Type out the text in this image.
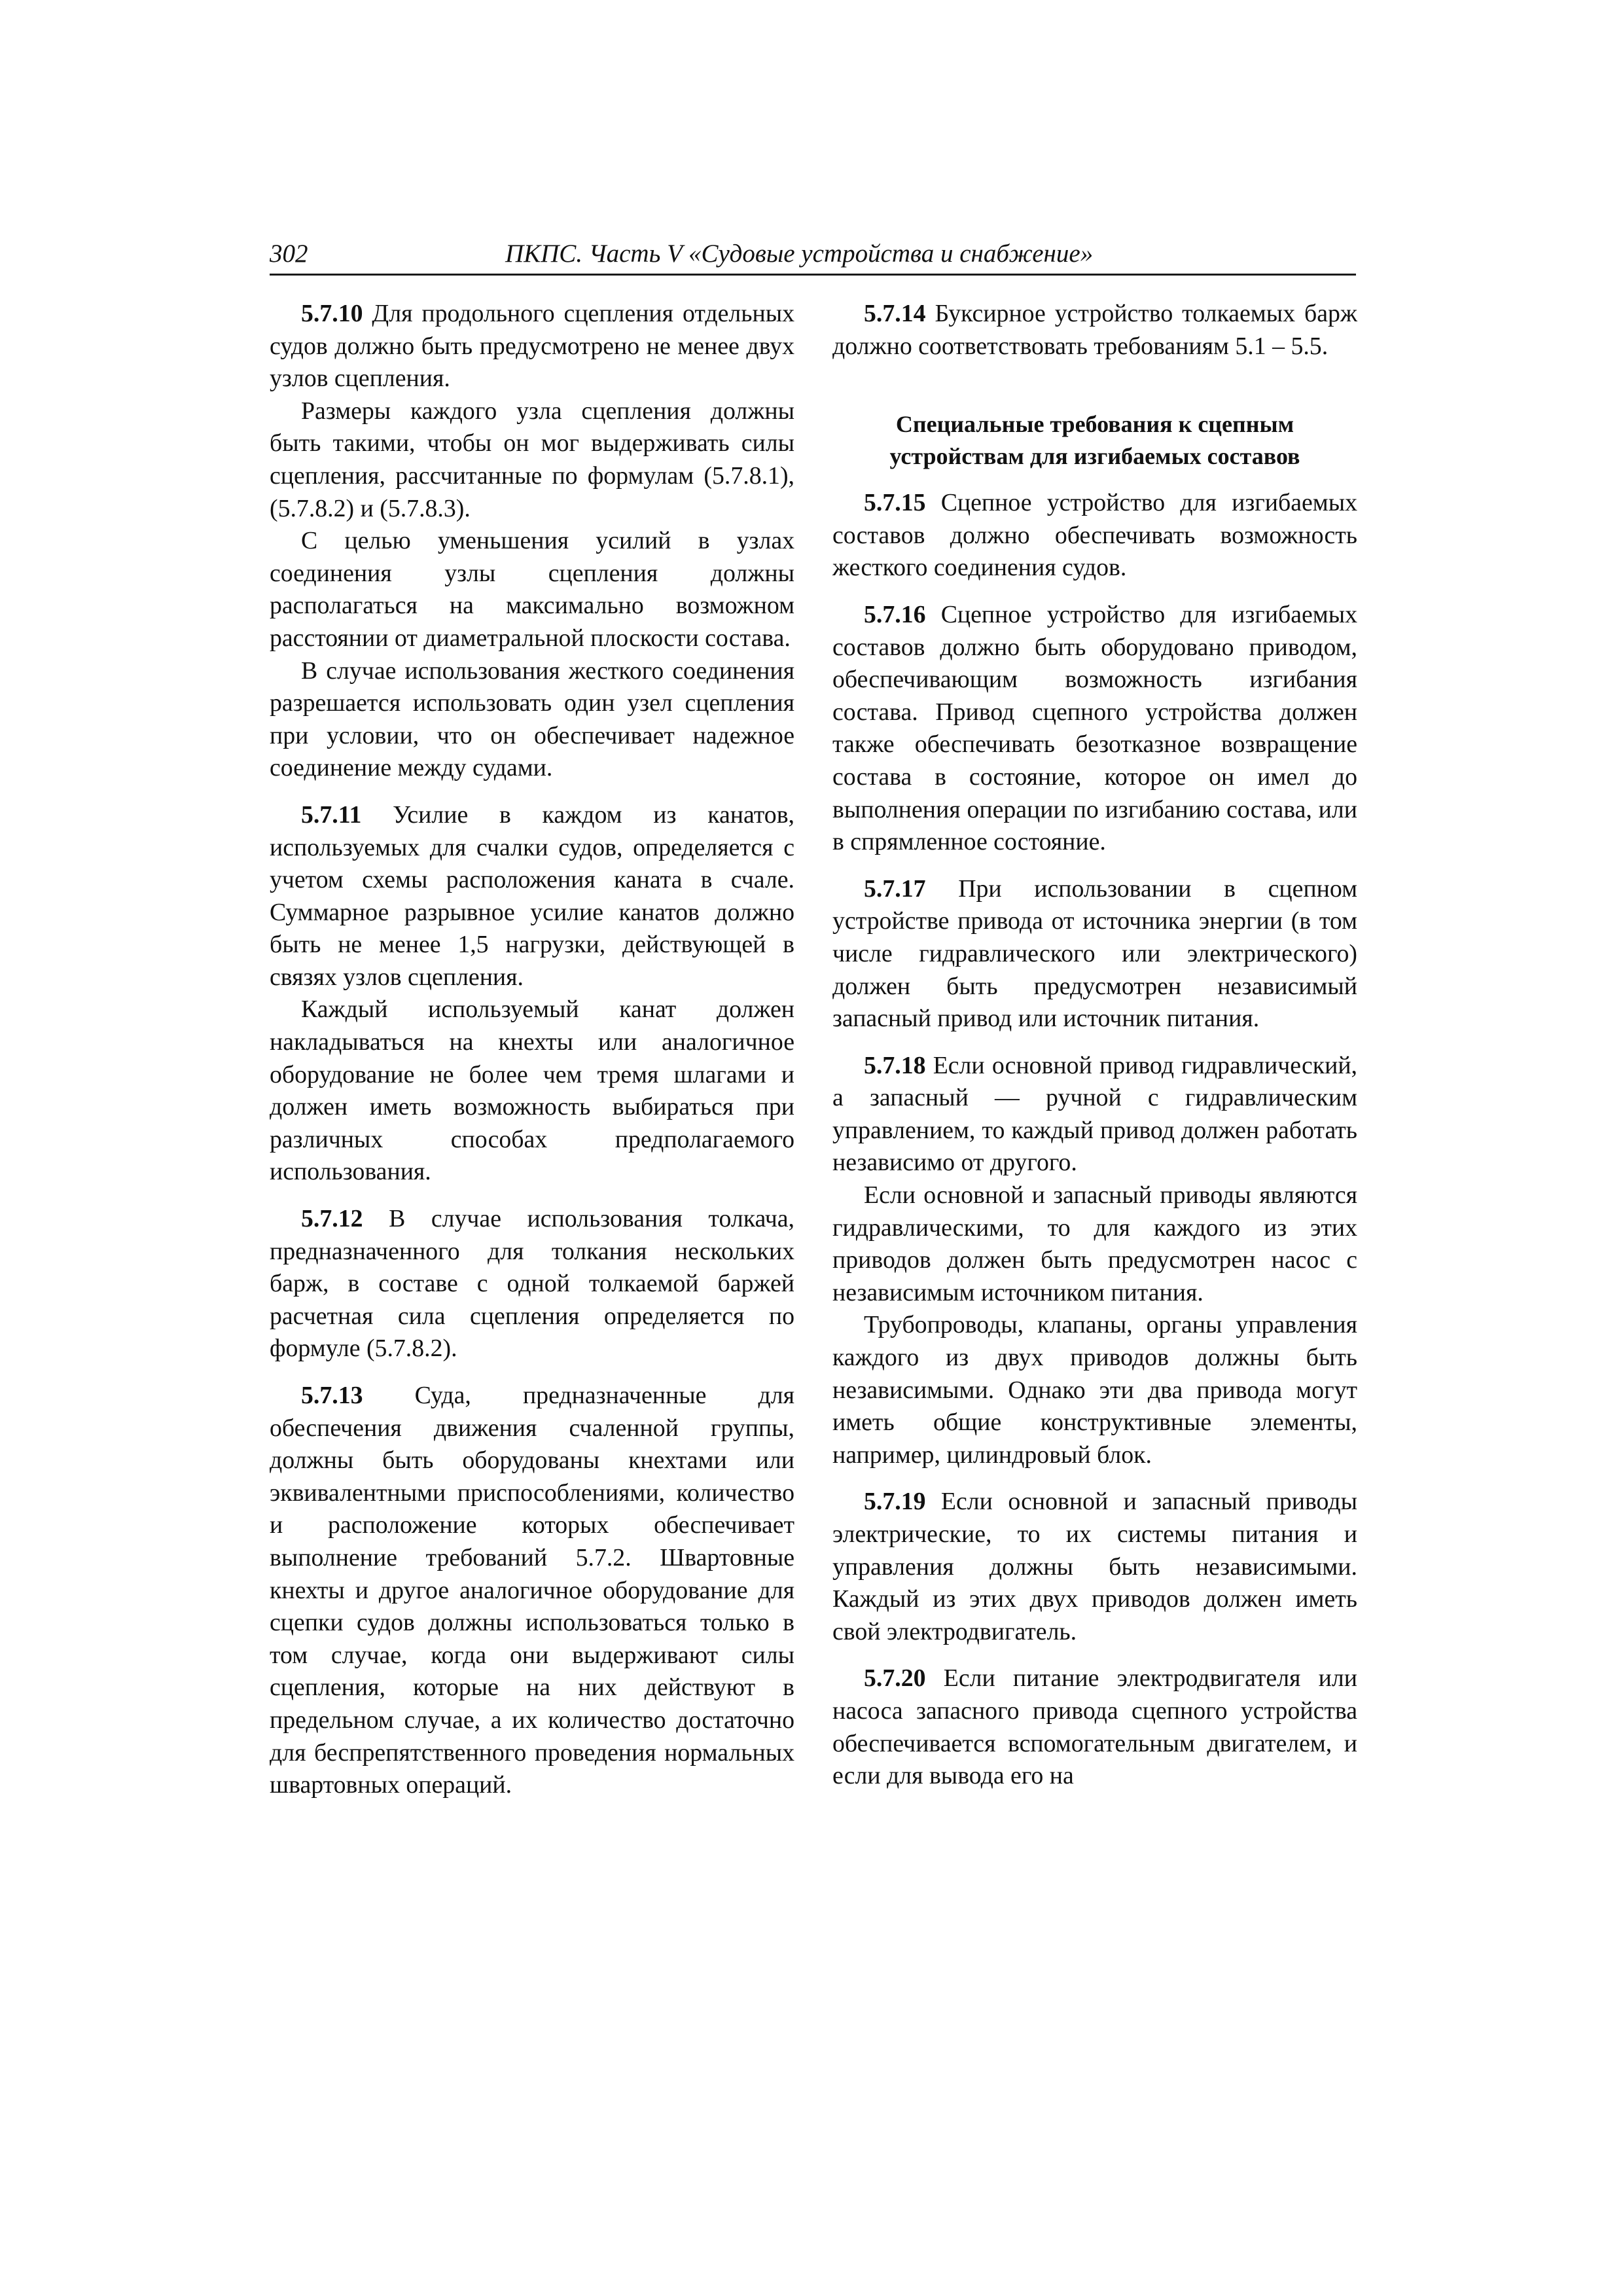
302	ПКПС. Часть V «Судовые устройства и снабжение»

5.7.10 Для продольного сцепления отдельных судов должно быть предусмотрено не менее двух узлов сцепления.

Размеры каждого узла сцепления должны быть такими, чтобы он мог выдерживать силы сцепления, рассчитанные по формулам (5.7.8.1), (5.7.8.2) и (5.7.8.3).

С целью уменьшения усилий в узлах соединения узлы сцепления должны располагаться на максимально возможном расстоянии от диаметральной плоскости состава.

В случае использования жесткого соединения разрешается использовать один узел сцепления при условии, что он обеспечивает надежное соединение между судами.

5.7.11 Усилие в каждом из канатов, используемых для счалки судов, определяется с учетом схемы расположения каната в счале. Суммарное разрывное усилие канатов должно быть не менее 1,5 нагрузки, действующей в связях узлов сцепления.

Каждый используемый канат должен накладываться на кнехты или аналогичное оборудование не более чем тремя шлагами и должен иметь возможность выбираться при различных способах предполагаемого использования.

5.7.12 В случае использования толкача, предназначенного для толкания нескольких барж, в составе с одной толкаемой баржей расчетная сила сцепления определяется по формуле (5.7.8.2).

5.7.13 Суда, предназначенные для обеспечения движения счаленной группы, должны быть оборудованы кнехтами или эквивалентными приспособлениями, количество и расположение которых обеспечивает выполнение требований 5.7.2. Швартовные кнехты и другое аналогичное оборудование для сцепки судов должны использоваться только в том случае, когда они выдерживают силы сцепления, которые на них действуют в предельном случае, а их количество достаточно для беспрепятственного проведения нормальных швартовных операций.

5.7.14 Буксирное устройство толкаемых барж должно соответствовать требованиям 5.1 – 5.5.

Специальные требования к сцепным
устройствам для изгибаемых составов

5.7.15 Сцепное устройство для изгибаемых составов должно обеспечивать возможность жесткого соединения судов.

5.7.16 Сцепное устройство для изгибаемых составов должно быть оборудовано приводом, обеспечивающим возможность изгибания состава. Привод сцепного устройства должен также обеспечивать безотказное возвращение состава в состояние, которое он имел до выполнения операции по изгибанию состава, или в спрямленное состояние.

5.7.17 При использовании в сцепном устройстве привода от источника энергии (в том числе гидравлического или электрического) должен быть предусмотрен независимый запасный привод или источник питания.

5.7.18 Если основной привод гидравлический, а запасный — ручной с гидравлическим управлением, то каждый привод должен работать независимо от другого.

Если основной и запасный приводы являются гидравлическими, то для каждого из этих приводов должен быть предусмотрен насос с независимым источником питания.

Трубопроводы, клапаны, органы управления каждого из двух приводов должны быть независимыми. Однако эти два привода могут иметь общие конструктивные элементы, например, цилиндровый блок.

5.7.19 Если основной и запасный приводы электрические, то их системы питания и управления должны быть независимыми. Каждый из этих двух приводов должен иметь свой электродвигатель.

5.7.20 Если питание электродвигателя или насоса запасного привода сцепного устройства обеспечивается вспомогательным двигателем, и если для вывода его на
